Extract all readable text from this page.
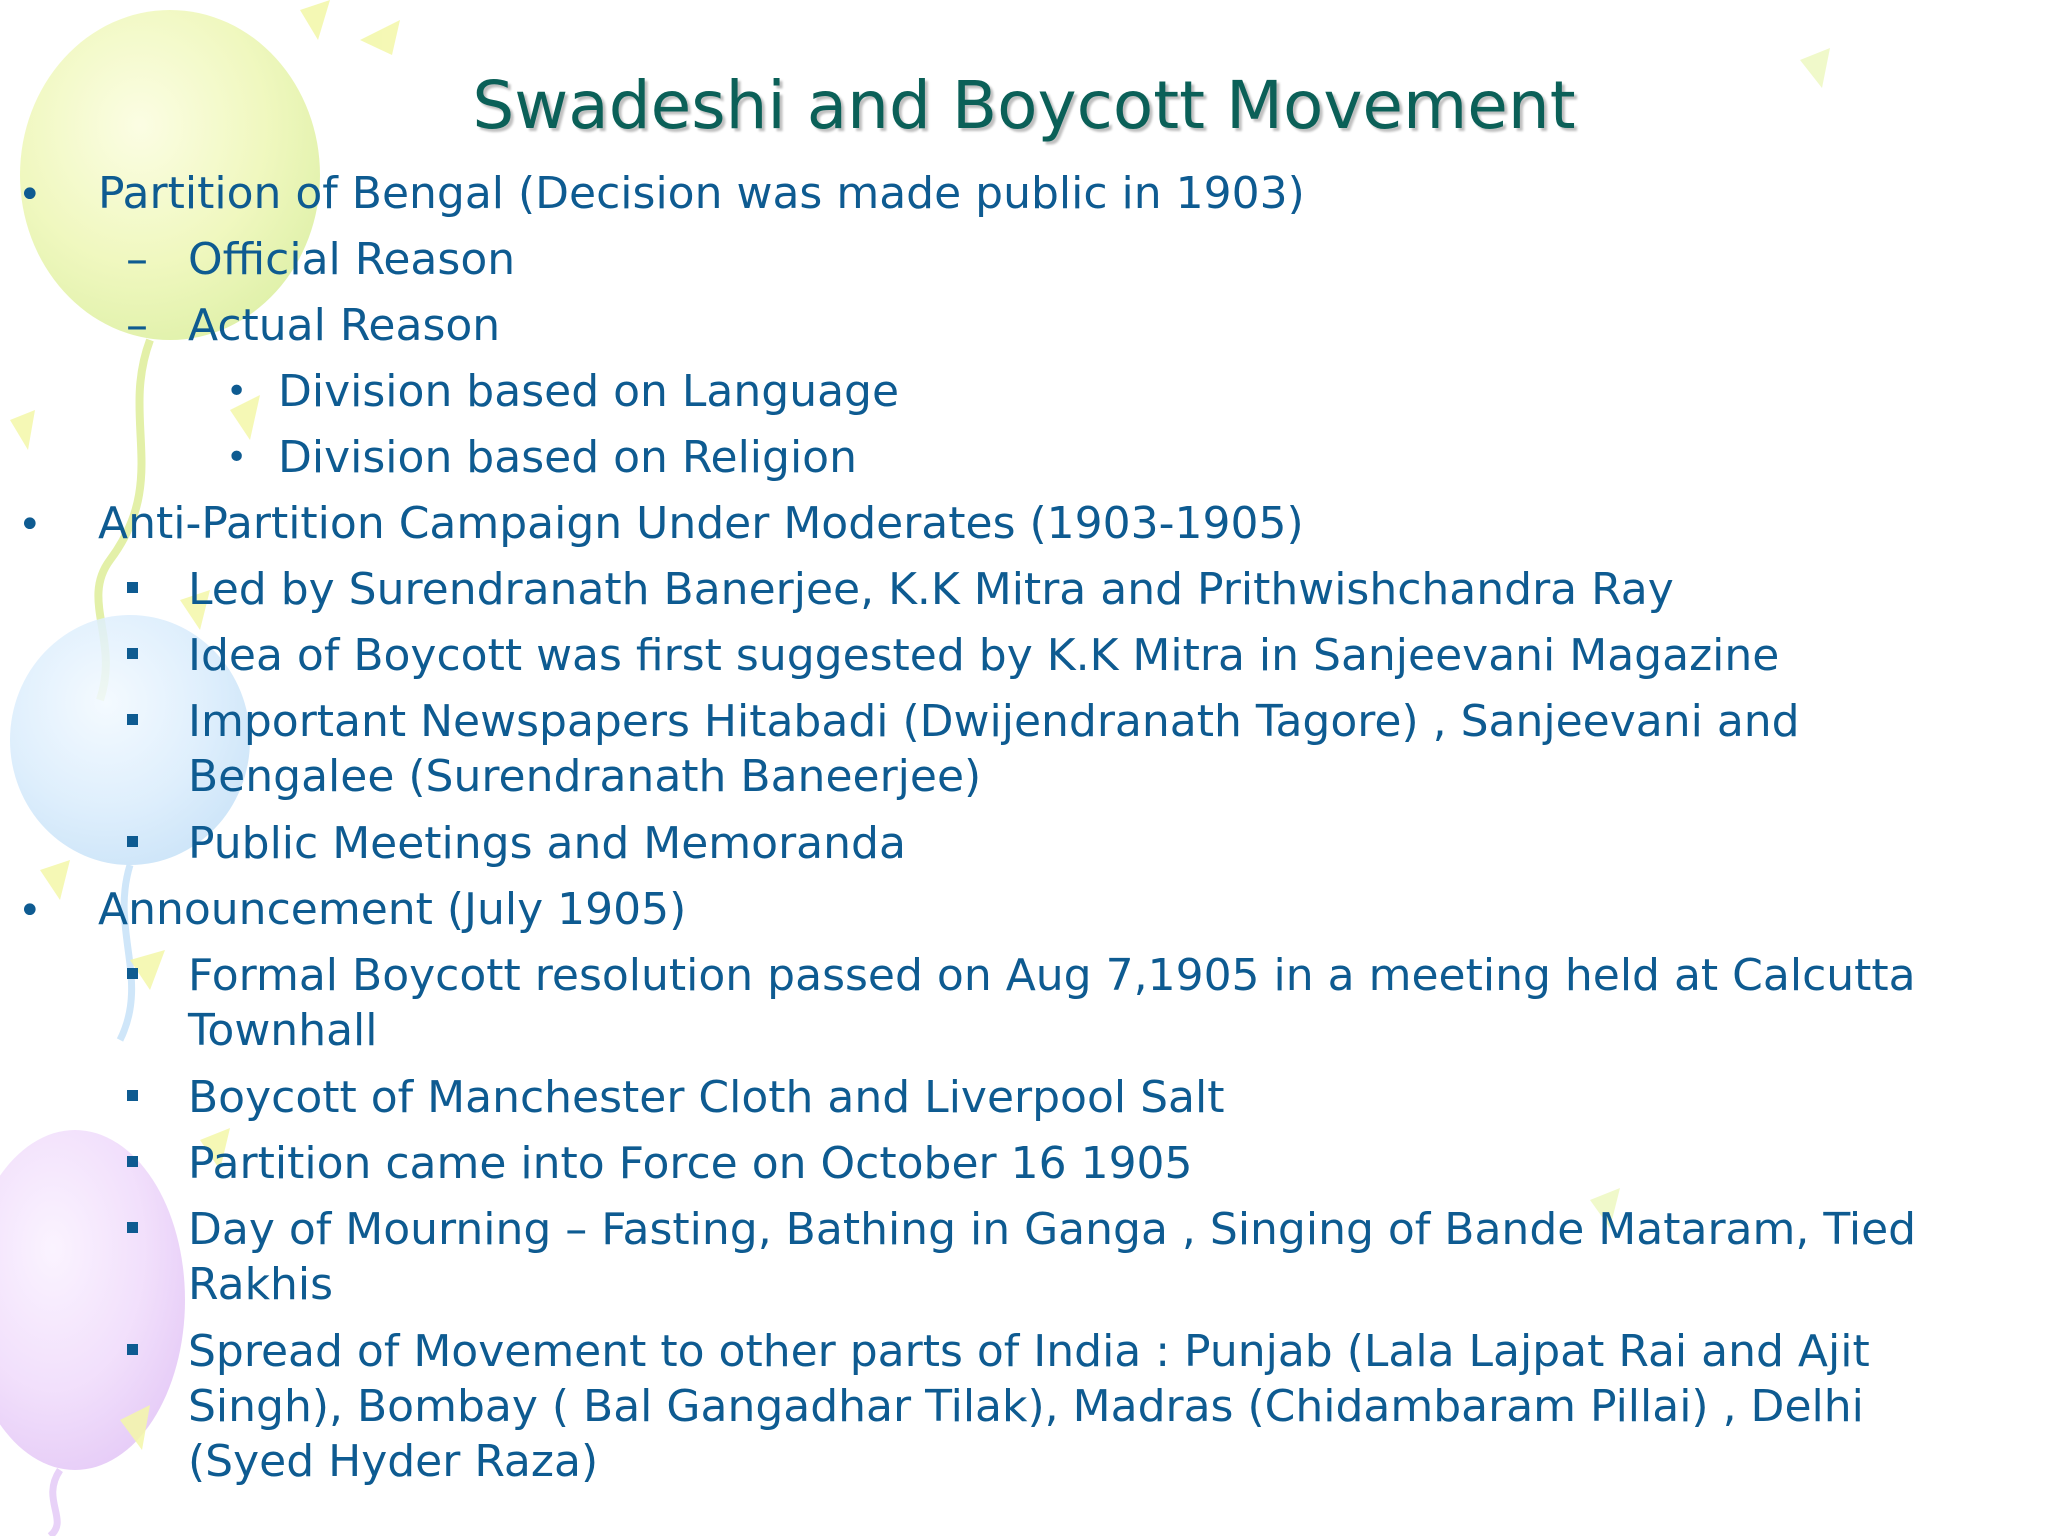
Swadeshi and Boycott Movement
• Partition of Bengal (Decision was made public in 1903)
– Official Reason
– Actual Reason
• Division based on Language
• Division based on Religion
• Anti-Partition Campaign Under Moderates (1903-1905)
Led by Surendranath Banerjee, K.K Mitra and Prithwishchandra Ray
Idea of Boycott was first suggested by K.K Mitra in Sanjeevani Magazine
Important Newspapers Hitabadi (Dwijendranath Tagore) , Sanjeevani and
Bengalee (Surendranath Baneerjee)
Public Meetings and Memoranda
• Announcement (July 1905)
Formal Boycott resolution passed on Aug 7,1905 in a meeting held at Calcutta
Townhall
Boycott of Manchester Cloth and Liverpool Salt
Partition came into Force on October 16 1905
Day of Mourning – Fasting, Bathing in Ganga , Singing of Bande Mataram, Tied
Rakhis
Spread of Movement to other parts of India : Punjab (Lala Lajpat Rai and Ajit
Singh), Bombay ( Bal Gangadhar Tilak), Madras (Chidambaram Pillai) , Delhi
(Syed Hyder Raza)
